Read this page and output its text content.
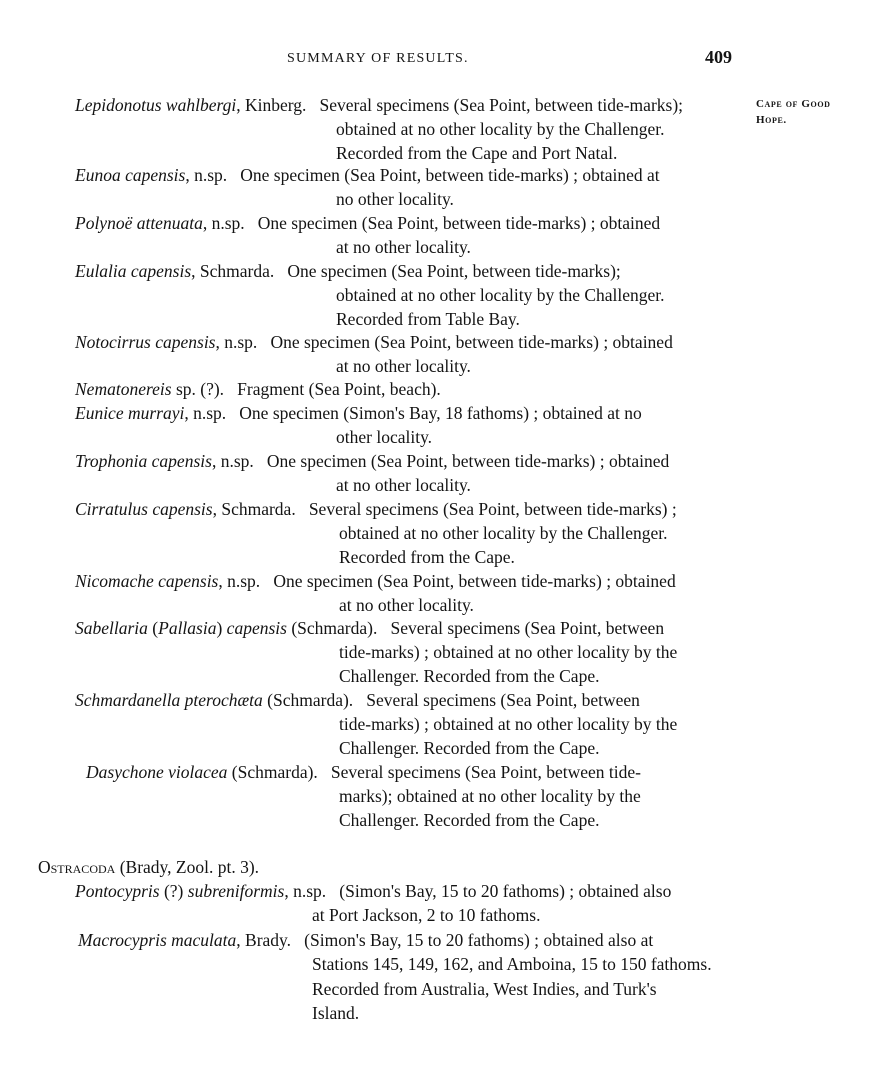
SUMMARY OF RESULTS.	409
Cape of Good
Hope.
Lepidonotus wahlbergi, Kinberg. Several specimens (Sea Point, between tide-marks);
obtained at no other locality by the Challenger.
Recorded from the Cape and Port Natal.
Eunoa capensis, n.sp. One specimen (Sea Point, between tide-marks) ; obtained at
no other locality.
Polynoë attenuata, n.sp. One specimen (Sea Point, between tide-marks) ; obtained
at no other locality.
Eulalia capensis, Schmarda. One specimen (Sea Point, between tide-marks);
obtained at no other locality by the Challenger.
Recorded from Table Bay.
Notocirrus capensis, n.sp. One specimen (Sea Point, between tide-marks) ; obtained
at no other locality.
Nematonereis sp. (?). Fragment (Sea Point, beach).
Eunice murrayi, n.sp. One specimen (Simon's Bay, 18 fathoms) ; obtained at no
other locality.
Trophonia capensis, n.sp. One specimen (Sea Point, between tide-marks) ; obtained
at no other locality.
Cirratulus capensis, Schmarda. Several specimens (Sea Point, between tide-marks) ;
obtained at no other locality by the Challenger.
Recorded from the Cape.
Nicomache capensis, n.sp. One specimen (Sea Point, between tide-marks) ; obtained
at no other locality.
Sabellaria (Pallasia) capensis (Schmarda). Several specimens (Sea Point, between
tide-marks) ; obtained at no other locality by the
Challenger. Recorded from the Cape.
Schmardanella pterochæta (Schmarda). Several specimens (Sea Point, between
tide-marks) ; obtained at no other locality by the
Challenger. Recorded from the Cape.
Dasychone violacea (Schmarda). Several specimens (Sea Point, between tide-
marks); obtained at no other locality by the
Challenger. Recorded from the Cape.
Ostracoda (Brady, Zool. pt. 3).
Pontocypris (?) subreniformis, n.sp. (Simon's Bay, 15 to 20 fathoms) ; obtained also
at Port Jackson, 2 to 10 fathoms.
Macrocypris maculata, Brady. (Simon's Bay, 15 to 20 fathoms) ; obtained also at
Stations 145, 149, 162, and Amboina, 15 to 150 fathoms.
Recorded from Australia, West Indies, and Turk's
Island.
